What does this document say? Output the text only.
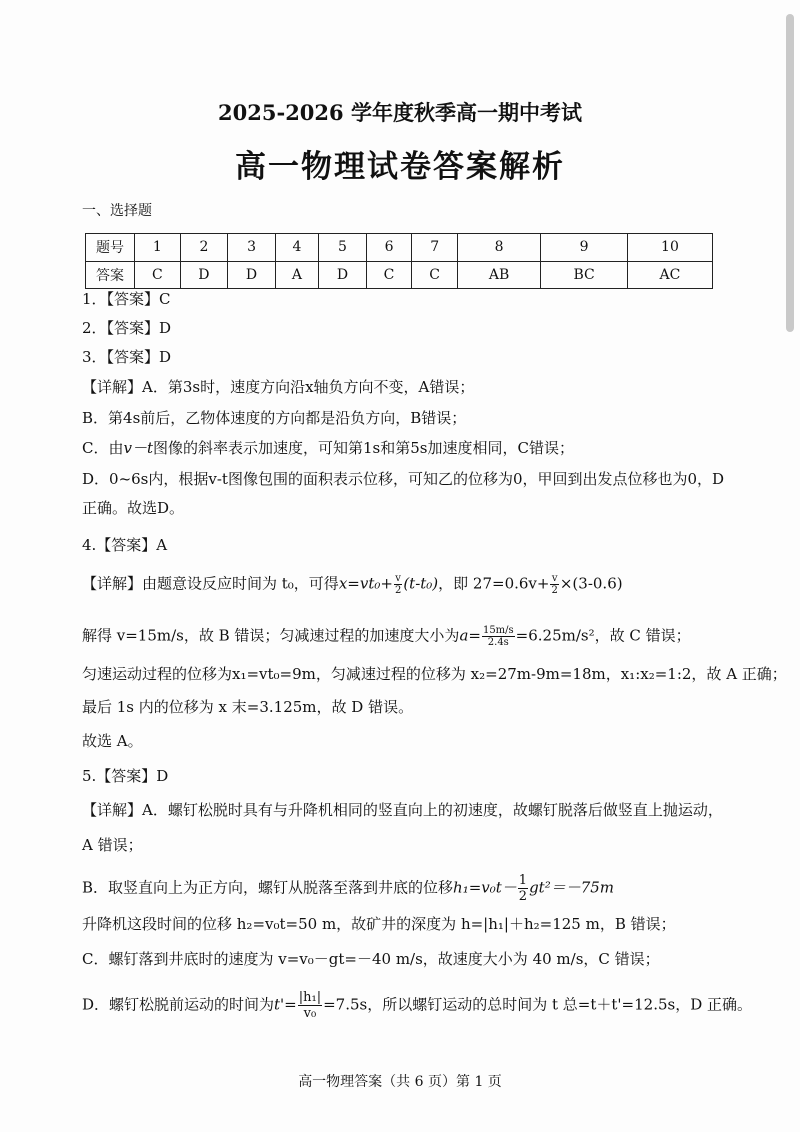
2025-2026 学年度秋季高一期中考试
高一物理试卷答案解析
一、选择题
题号	1	2	3	4	5	6	7	8	9	10
答案	C	D	D	A	D	C	C	AB	BC	AC
1．【答案】C
2．【答案】D
3．【答案】D
【详解】A．第3s时，速度方向沿x轴负方向不变，A错误；
B．第4s前后，乙物体速度的方向都是沿负方向，B错误；
C．由v－t图像的斜率表示加速度，可知第1s和第5s加速度相同，C错误；
D．0~6s内，根据v-t图像包围的面积表示位移，可知乙的位移为0，甲回到出发点位移也为0，D
正确。故选D。
4.【答案】A
【详解】由题意设反应时间为 t₀，可得$x=vt_0+ \frac{v}{2} (t-t_0)$，即 $27=0.6v+ \frac{v}{2} \times(3-0.6)$
解得 v=15m/s，故 B 错误；匀减速过程的加速度大小为$a= \frac{15m/s}{2.4s} =6.25m/s^2$，故 C 错误；
匀速运动过程的位移为x₁=vt₀=9m，匀减速过程的位移为 x₂=27m-9m=18m，x₁:x₂=1:2，故 A 正确；
最后 1s 内的位移为 x 末=3.125m，故 D 错误。
故选 A。
5.【答案】D
【详解】A．螺钉松脱时具有与升降机相同的竖直向上的初速度，故螺钉脱落后做竖直上抛运动，
A 错误；
B．取竖直向上为正方向，螺钉从脱落至落到井底的位移$h_1=v_0t- \frac{1}{2} gt^2=-75m$
升降机这段时间的位移 h₂=v₀t=50 m，故矿井的深度为 h=|h₁|＋h₂=125 m，B 错误；
C．螺钉落到井底时的速度为 v=v₀－gt=－40 m/s，故速度大小为 40 m/s，C 错误；
D．螺钉松脱前运动的时间为$t'= \frac{\text{|h₁|}}{\text{v₀}} =7.5s$，所以螺钉运动的总时间为 t 总=t＋t'=12.5s，D 正确。
高一物理答案（共 6 页）第 1 页
